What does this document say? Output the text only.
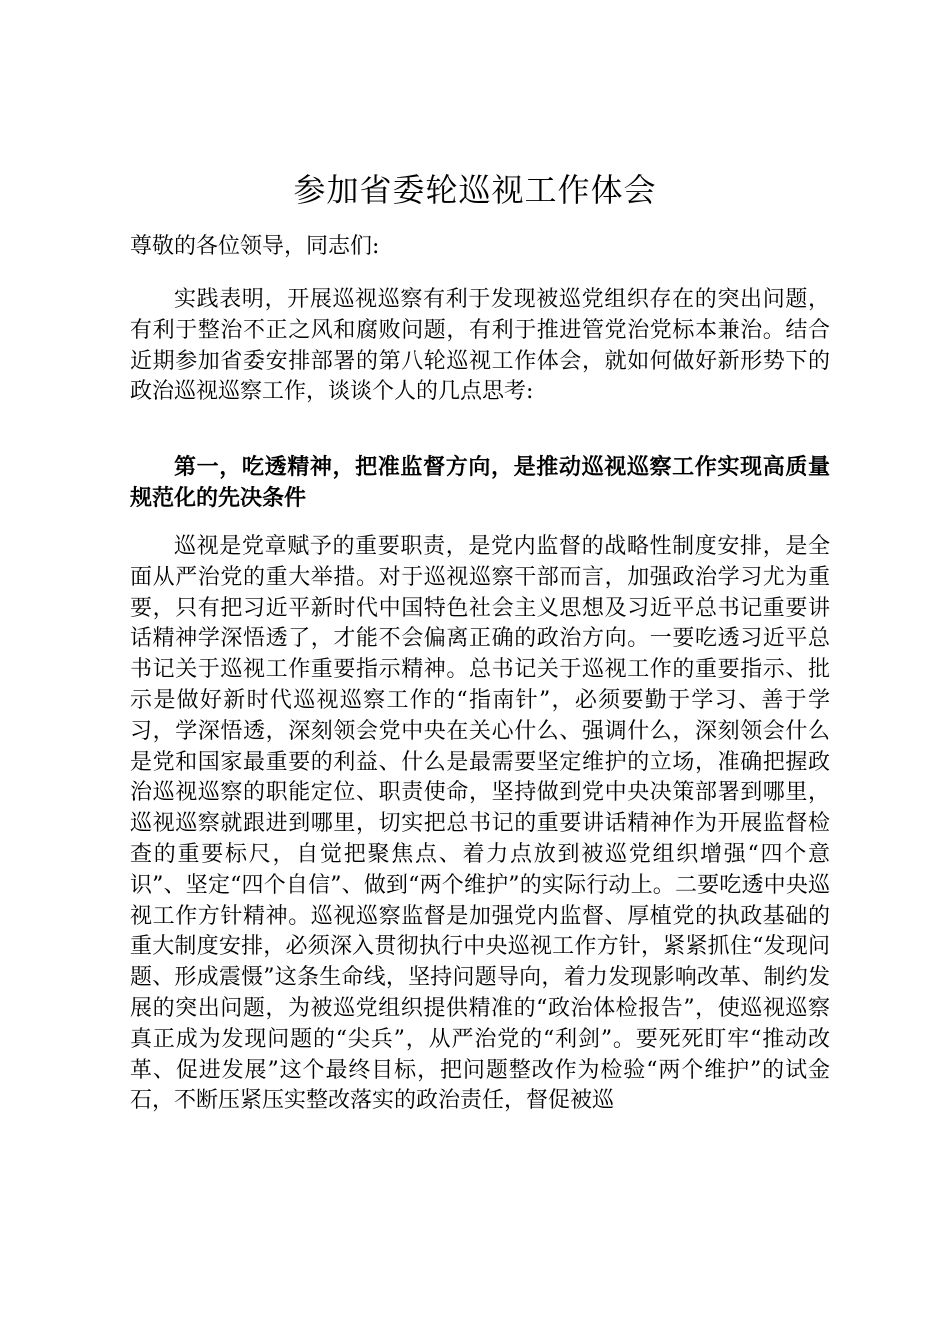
参加省委轮巡视工作体会
尊敬的各位领导，同志们:
实践表明，开展巡视巡察有利于发现被巡党组织存在的突出问题，有利于整治不正之风和腐败问题，有利于推进管党治党标本兼治。结合近期参加省委安排部署的第八轮巡视工作体会，就如何做好新形势下的政治巡视巡察工作，谈谈个人的几点思考:
第一，吃透精神，把准监督方向，是推动巡视巡察工作实现高质量规范化的先决条件
巡视是党章赋予的重要职责，是党内监督的战略性制度安排，是全面从严治党的重大举措。对于巡视巡察干部而言，加强政治学习尤为重要，只有把习近平新时代中国特色社会主义思想及习近平总书记重要讲话精神学深悟透了，才能不会偏离正确的政治方向。一要吃透习近平总书记关于巡视工作重要指示精神。总书记关于巡视工作的重要指示、批示是做好新时代巡视巡察工作的“指南针”，必须要勤于学习、善于学习，学深悟透，深刻领会党中央在关心什么、强调什么，深刻领会什么是党和国家最重要的利益、什么是最需要坚定维护的立场，准确把握政治巡视巡察的职能定位、职责使命，坚持做到党中央决策部署到哪里，巡视巡察就跟进到哪里，切实把总书记的重要讲话精神作为开展监督检查的重要标尺，自觉把聚焦点、着力点放到被巡党组织增强“四个意识”、坚定“四个自信”、做到“两个维护”的实际行动上。二要吃透中央巡视工作方针精神。巡视巡察监督是加强党内监督、厚植党的执政基础的重大制度安排，必须深入贯彻执行中央巡视工作方针，紧紧抓住“发现问题、形成震慑”这条生命线，坚持问题导向，着力发现影响改革、制约发展的突出问题，为被巡党组织提供精准的“政治体检报告”，使巡视巡察真正成为发现问题的“尖兵”，从严治党的“利剑”。要死死盯牢“推动改革、促进发展”这个最终目标，把问题整改作为检验“两个维护”的试金石，不断压紧压实整改落实的政治责任，督促被巡
